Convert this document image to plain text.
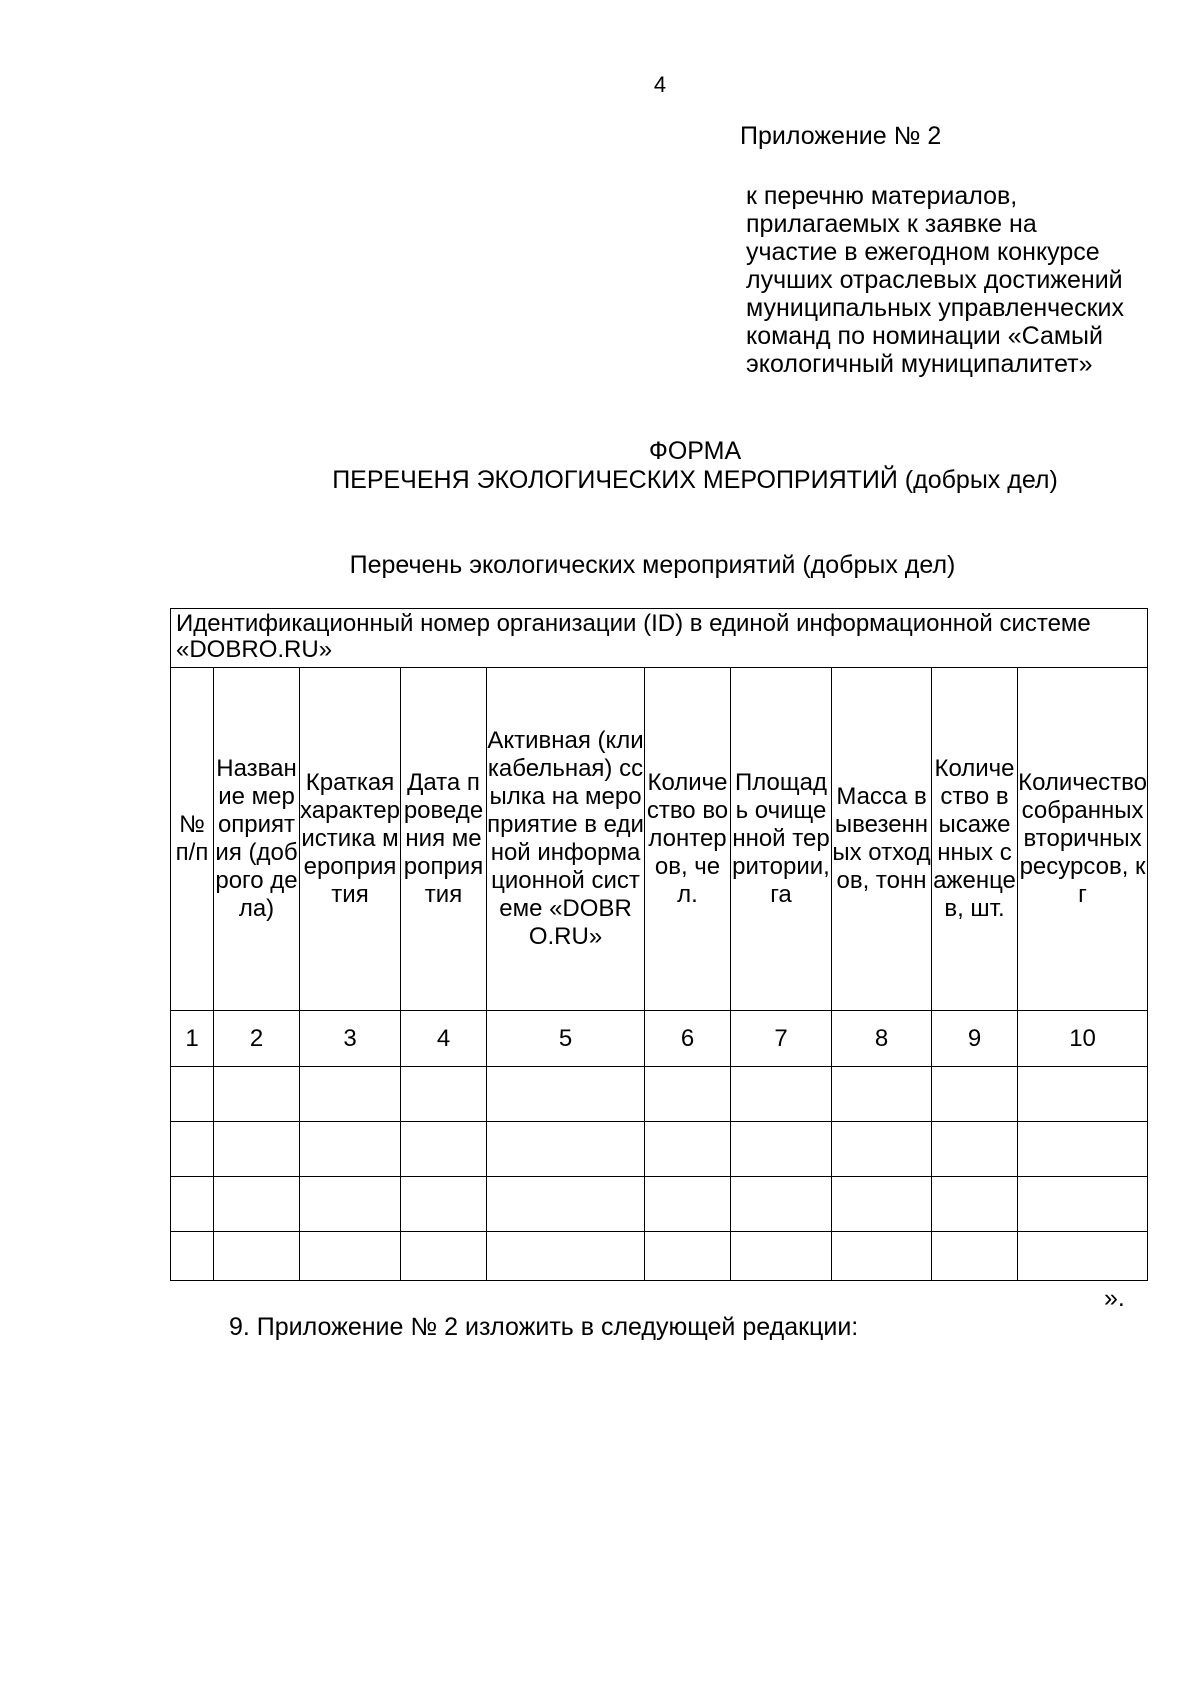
4
Приложение № 2
к перечню материалов,
прилагаемых к заявке на
участие в ежегодном конкурсе
лучших отраслевых достижений
муниципальных управленческих
команд по номинации «Самый
экологичный муниципалитет»
ФОРМА
ПЕРЕЧЕНЯ ЭКОЛОГИЧЕСКИХ МЕРОПРИЯТИЙ (добрых дел)
Перечень экологических мероприятий (добрых дел)
Идентификационный номер организации (ID) в единой информационной системе «DOBRO.RU»									
№ п/п	Название мероприятия (доброго дела)	Краткая характеристика мероприятия	Дата проведения мероприятия	Активная (кликабельная) ссылка на мероприятие в единой информационной системе «DOBRO.RU»	Количество волонтеров, чел.	Площадь очищенной территории, га	Масса вывезенных отходов, тонн	Количество высаженных саженцев, шт.	Количество собранных вторичных ресурсов, кг
1	2	3	4	5	6	7	8	9	10

».
9. Приложение № 2 изложить в следующей редакции:
